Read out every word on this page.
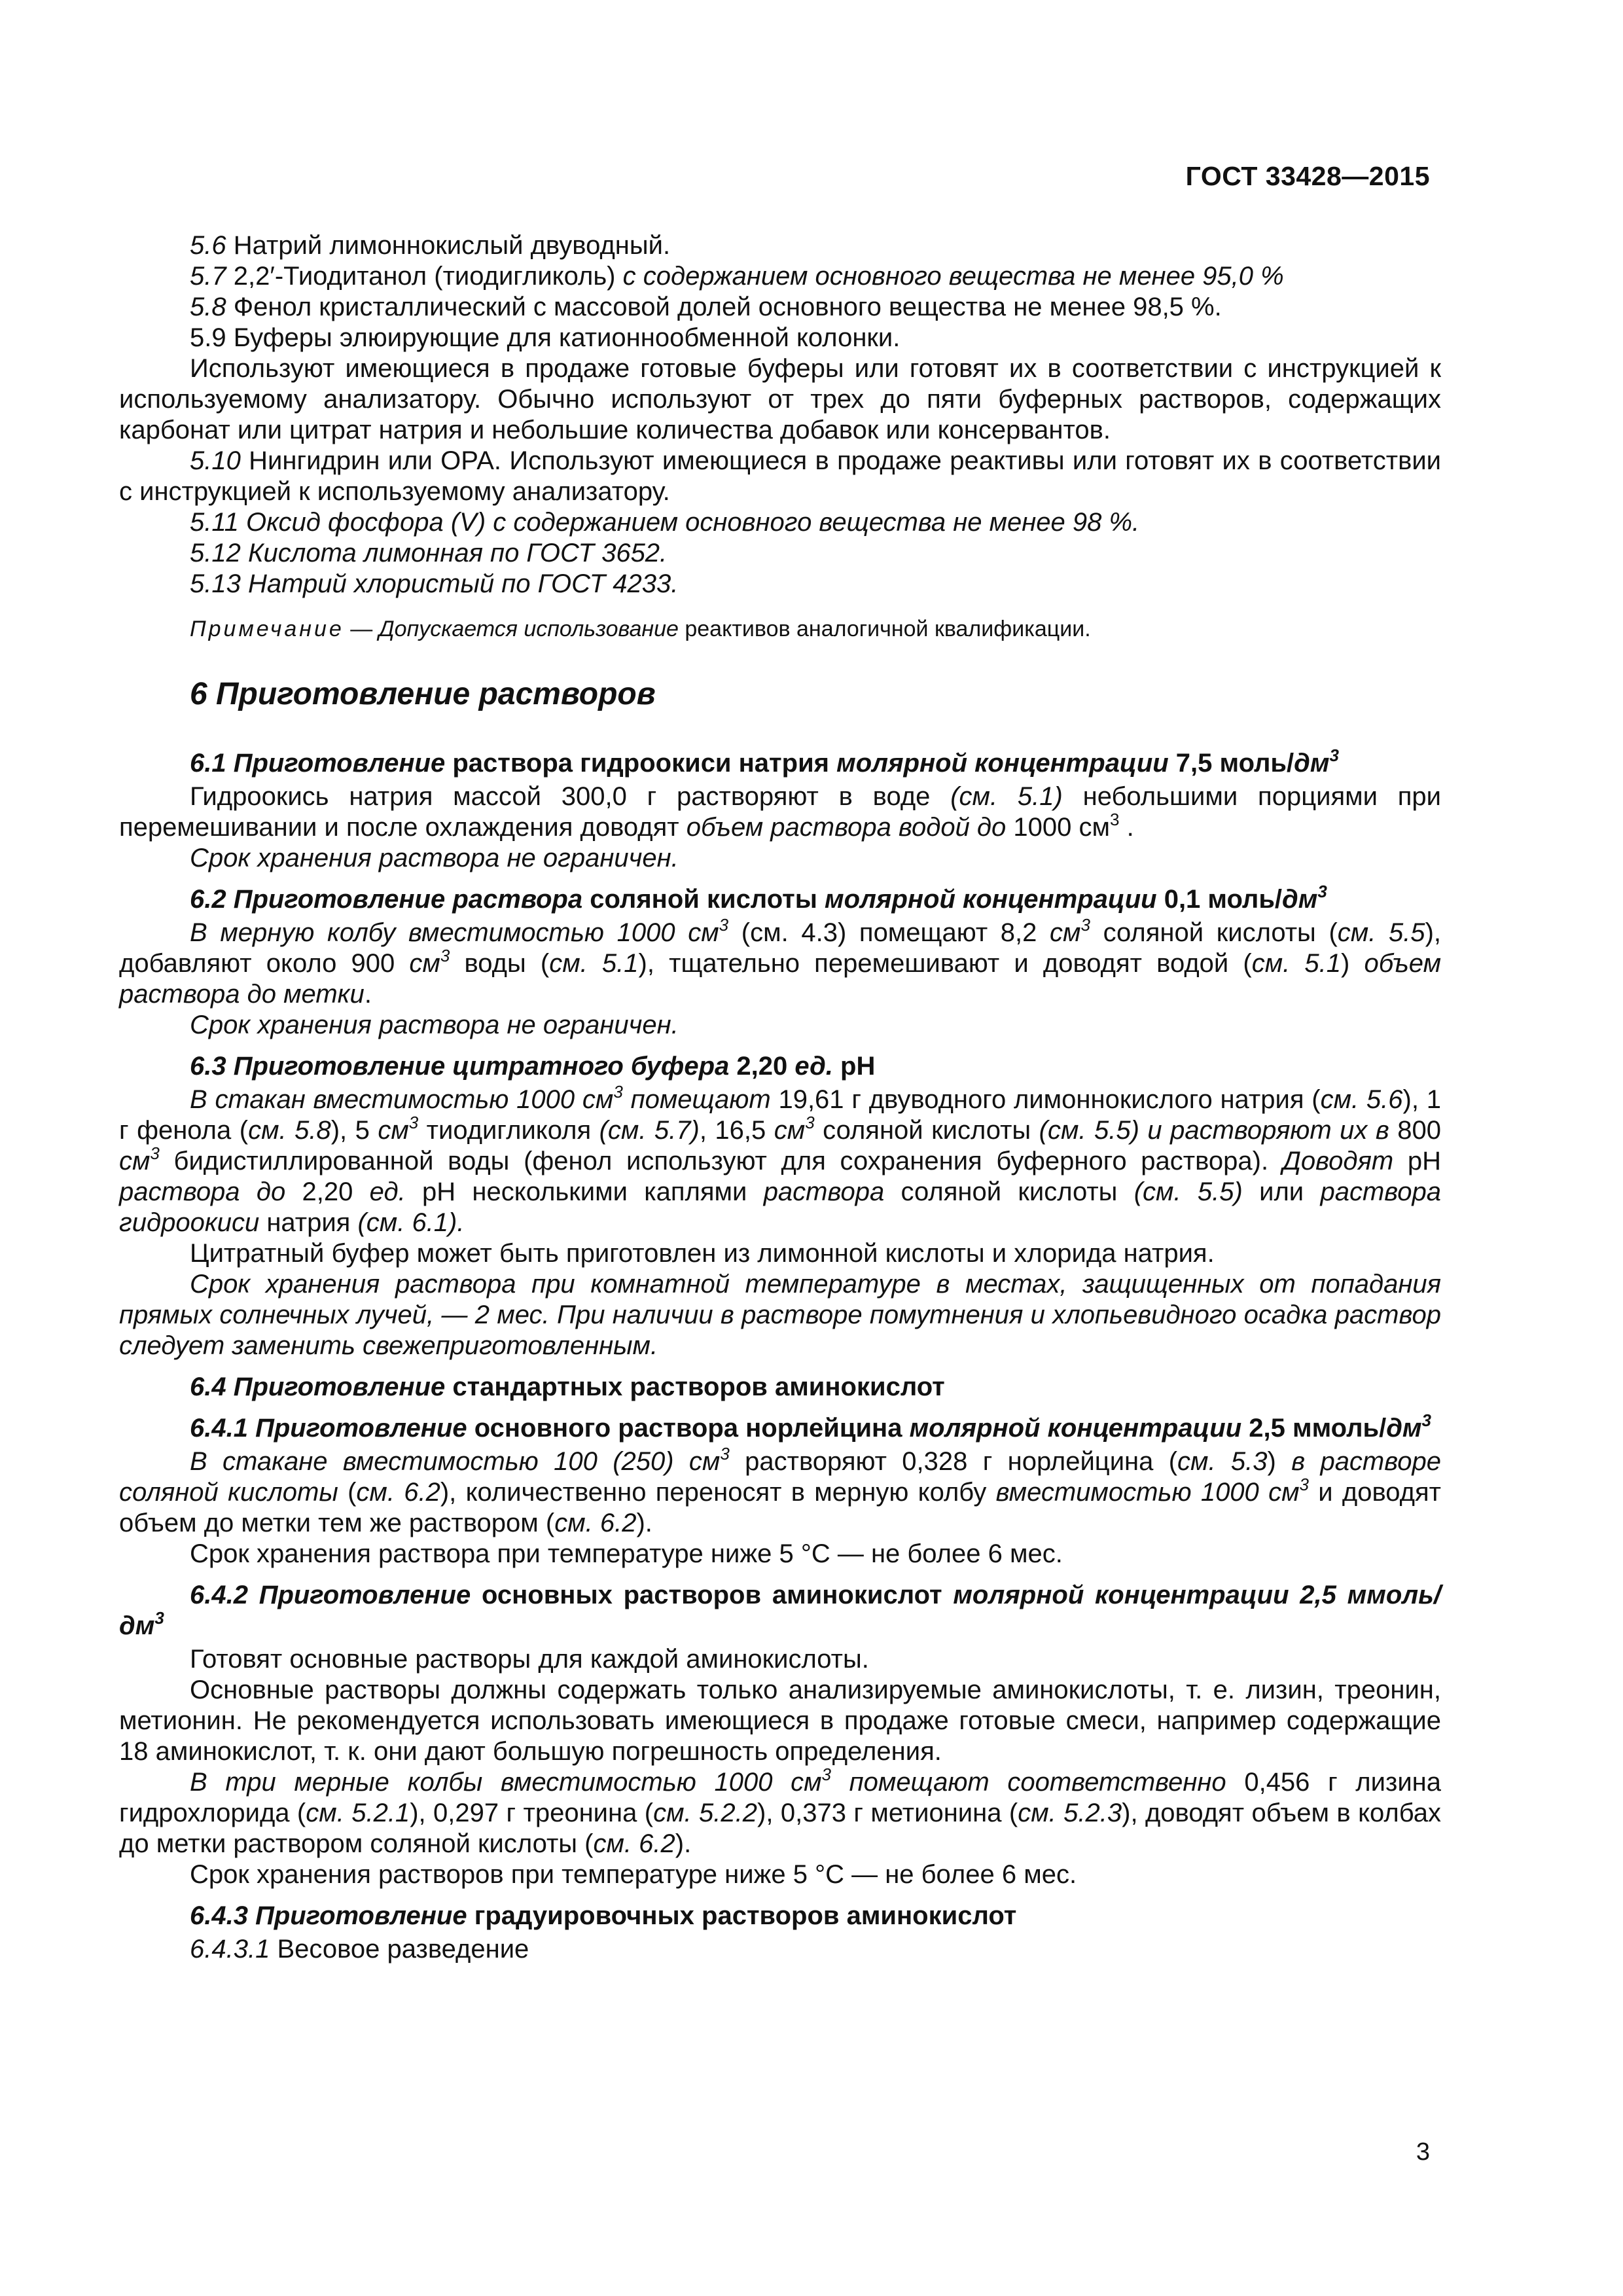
ГОСТ 33428—2015

5.6 Натрий лимоннокислый двуводный.

5.7 2,2′-Тиодитанол (тиодигликоль) с содержанием основного вещества не менее 95,0 %

5.8 Фенол кристаллический с массовой долей основного вещества не менее 98,5 %.

5.9 Буферы элюирующие для катионнообменной колонки.

Используют имеющиеся в продаже готовые буферы или готовят их в соответствии с инструкцией к используемому анализатору. Обычно используют от трех до пяти буферных растворов, содержащих карбонат или цитрат натрия и небольшие количества добавок или консервантов.

5.10 Нингидрин или ОРА. Используют имеющиеся в продаже реактивы или готовят их в соответствии с инструкцией к используемому анализатору.

5.11 Оксид фосфора (V) с содержанием основного вещества не менее 98 %.

5.12 Кислота лимонная по ГОСТ 3652.

5.13 Натрий хлористый по ГОСТ 4233.

Примечание — Допускается использование реактивов аналогичной квалификации.

6 Приготовление растворов

6.1 Приготовление раствора гидроокиси натрия молярной концентрации 7,5 моль/$дм^3$

Гидроокись натрия массой 300,0 г растворяют в воде (см. 5.1) небольшими порциями при перемешивании и после охлаждения доводят объем раствора водой до 1000 $см^3$ .

Срок хранения раствора не ограничен.

6.2 Приготовление раствора соляной кислоты молярной концентрации 0,1 моль/$дм^3$

В мерную колбу вместимостью 1000 $см^3$ (см. 4.3) помещают 8,2 $см^3$ соляной кислоты (см. 5.5), добавляют около 900 $см^3$ воды (см. 5.1), тщательно перемешивают и доводят водой (см. 5.1) объем раствора до метки.

Срок хранения раствора не ограничен.

6.3 Приготовление цитратного буфера 2,20 ед. pH

В стакан вместимостью 1000 $см^3$ помещают 19,61 г двуводного лимоннокислого натрия (см. 5.6), 1 г фенола (см. 5.8), 5 $см^3$ тиодигликоля (см. 5.7), 16,5 $см^3$ соляной кислоты (см. 5.5) и растворяют их в 800 $см^3$ бидистиллированной воды (фенол используют для сохранения буферного раствора). Доводят pH раствора до 2,20 ед. pH несколькими каплями раствора соляной кислоты (см. 5.5) или раствора гидроокиси натрия (см. 6.1).

Цитратный буфер может быть приготовлен из лимонной кислоты и хлорида натрия.

Срок хранения раствора при комнатной температуре в местах, защищенных от попадания прямых солнечных лучей, — 2 мес. При наличии в растворе помутнения и хлопьевидного осадка раствор следует заменить свежеприготовленным.

6.4 Приготовление стандартных растворов аминокислот

6.4.1 Приготовление основного раствора норлейцина молярной концентрации 2,5 ммоль/$дм^3$

В стакане вместимостью 100 (250) $см^3$ растворяют 0,328 г норлейцина (см. 5.3) в растворе соляной кислоты (см. 6.2), количественно переносят в мерную колбу вместимостью 1000 $см^3$ и доводят объем до метки тем же раствором (см. 6.2).

Срок хранения раствора при температуре ниже 5 °С — не более 6 мес.

6.4.2 Приготовление основных растворов аминокислот молярной концентрации 2,5 ммоль/$дм^3$

Готовят основные растворы для каждой аминокислоты.

Основные растворы должны содержать только анализируемые аминокислоты, т. е. лизин, треонин, метионин. Не рекомендуется использовать имеющиеся в продаже готовые смеси, например содержащие 18 аминокислот, т. к. они дают большую погрешность определения.

В три мерные колбы вместимостью 1000 $см^3$ помещают соответственно 0,456 г лизина гидрохлорида (см. 5.2.1), 0,297 г треонина (см. 5.2.2), 0,373 г метионина (см. 5.2.3), доводят объем в колбах до метки раствором соляной кислоты (см. 6.2).

Срок хранения растворов при температуре ниже 5 °С — не более 6 мес.

6.4.3 Приготовление градуировочных растворов аминокислот

6.4.3.1 Весовое разведение

3
